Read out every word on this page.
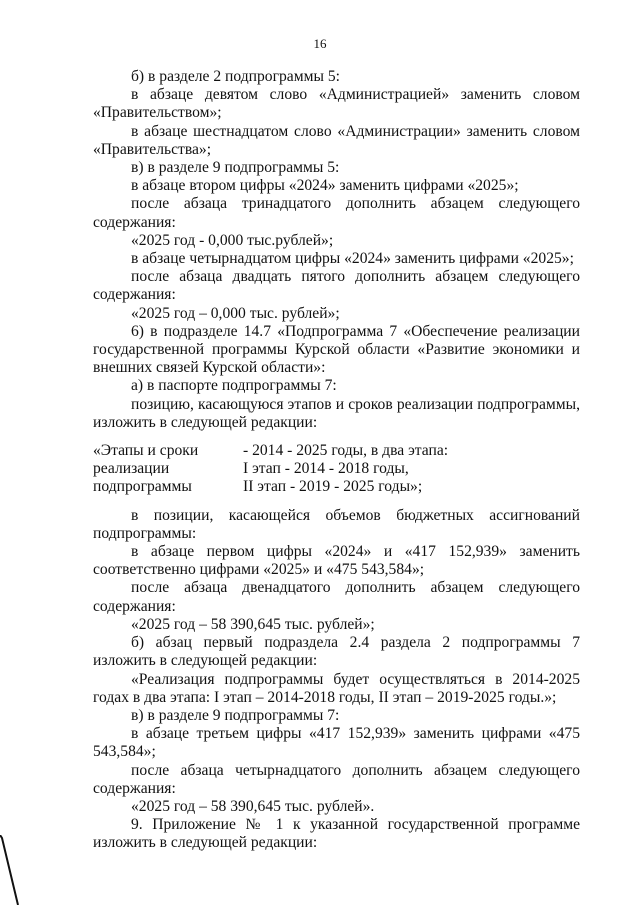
16

б) в разделе 2 подпрограммы 5:

в абзаце девятом слово «Администрацией» заменить словом «Правительством»;

в абзаце шестнадцатом слово «Администрации» заменить словом «Правительства»;

в) в разделе 9 подпрограммы 5:

в абзаце втором цифры «2024» заменить цифрами «2025»;

после абзаца тринадцатого дополнить абзацем следующего содержания:

«2025 год - 0,000 тыс.рублей»;

в абзаце четырнадцатом цифры «2024» заменить цифрами «2025»;

после абзаца двадцать пятого дополнить абзацем следующего содержания:

«2025 год – 0,000 тыс. рублей»;

6) в подразделе 14.7 «Подпрограмма 7 «Обеспечение реализации государственной программы Курской области «Развитие экономики и внешних связей Курской области»:

а) в паспорте подпрограммы 7:

позицию, касающуюся этапов и сроков реализации подпрограммы, изложить в следующей редакции:

«Этапы и сроки
реализации
подпрограммы
- 2014 - 2025 годы, в два этапа:
I этап - 2014 - 2018 годы,
II этап - 2019 - 2025 годы»;

в позиции, касающейся объемов бюджетных ассигнований подпрограммы:

в абзаце первом цифры «2024» и «417 152,939» заменить соответственно цифрами «2025» и «475 543,584»;

после абзаца двенадцатого дополнить абзацем следующего содержания:

«2025 год – 58 390,645 тыс. рублей»;

б) абзац первый подраздела 2.4 раздела 2 подпрограммы 7 изложить в следующей редакции:

«Реализация подпрограммы будет осуществляться в 2014-2025 годах в два этапа: I этап – 2014-2018 годы, II этап – 2019-2025 годы.»;

в) в разделе 9 подпрограммы 7:

в абзаце третьем цифры «417 152,939» заменить цифрами «475 543,584»;

после абзаца четырнадцатого дополнить абзацем следующего содержания:

«2025 год – 58 390,645 тыс. рублей».

9. Приложение № 1 к указанной государственной программе изложить в следующей редакции:
